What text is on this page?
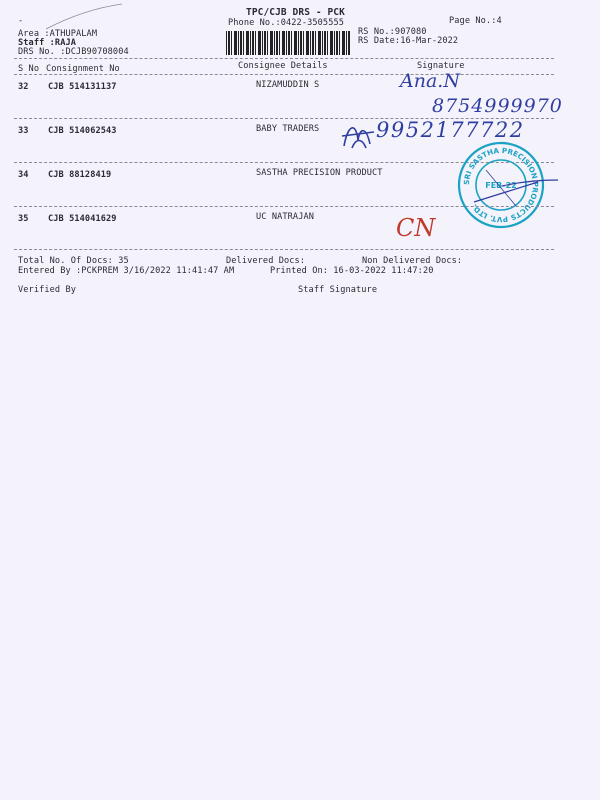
-
TPC/CJB DRS - PCK
Phone No.:0422-3505555	Page No.:4
Area :ATHUPALAM
Staff :RAJA
DRS No. :DCJB90708004
RS No.:907080
RS Date:16-Mar-2022
S No Consignment No	Consignee Details	Signature
32 CJB 514131137	NIZAMUDDIN S	Ana.N
8754999970
33 CJB 514062543	BABY TRADERS	9952177722
34 CJB 88128419	SASTHA PRECISION PRODUCT
SRI SASTHA PRECISION PRODUCTS PVT. LTD.
FEB-22
35 CJB 514041629	UC NATRAJAN	CN
Total No. Of Docs: 35	Delivered Docs:	Non Delivered Docs:
Entered By :PCKPREM 3/16/2022 11:41:47 AM	Printed On: 16-03-2022 11:47:20
Verified By	Staff Signature
